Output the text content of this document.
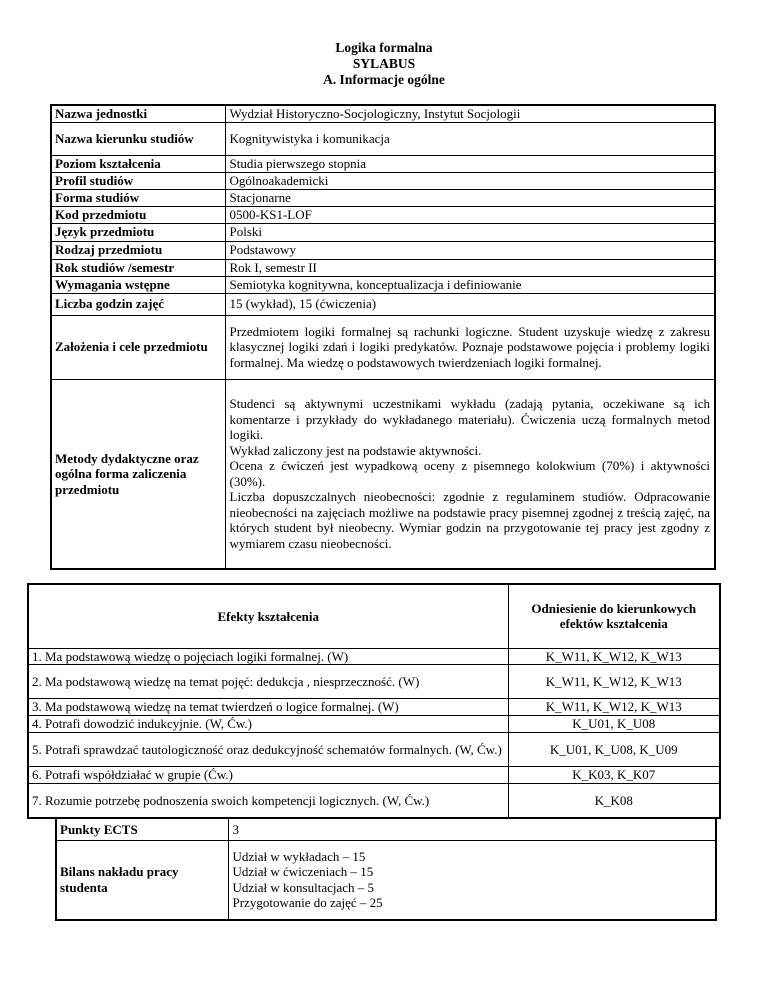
Logika formalna
SYLABUS
A. Informacje ogólne
Nazwa jednostki	Wydział Historyczno-Socjologiczny, Instytut Socjologii
Nazwa kierunku studiów	Kognitywistyka i komunikacja
Poziom kształcenia	Studia pierwszego stopnia
Profil studiów	Ogólnoakademicki
Forma studiów	Stacjonarne
Kod przedmiotu	0500-KS1-LOF
Język przedmiotu	Polski
Rodzaj przedmiotu	Podstawowy
Rok studiów /semestr	Rok I, semestr II
Wymagania wstępne	Semiotyka kognitywna, konceptualizacja i definiowanie
Liczba godzin zajęć	15 (wykład), 15 (ćwiczenia)
Założenia i cele przedmiotu	Przedmiotem logiki formalnej są rachunki logiczne. Student uzyskuje wiedzę z zakresu klasycznej logiki zdań i logiki predykatów. Poznaje podstawowe pojęcia i problemy logiki formalnej. Ma wiedzę o podstawowych twierdzeniach logiki formalnej.
Metody dydaktyczne oraz ogólna forma zaliczenia przedmiotu	Studenci są aktywnymi uczestnikami wykładu (zadają pytania, oczekiwane są ich komentarze i przykłady do wykładanego materiału). Ćwiczenia uczą formalnych metod logiki.
Wykład zaliczony jest na podstawie aktywności.
Ocena z ćwiczeń jest wypadkową oceny z pisemnego kolokwium (70%) i aktywności (30%).
Liczba dopuszczalnych nieobecności: zgodnie z regulaminem studiów. Odpracowanie nieobecności na zajęciach możliwe na podstawie pracy pisemnej zgodnej z treścią zajęć, na których student był nieobecny. Wymiar godzin na przygotowanie tej pracy jest zgodny z wymiarem czasu nieobecności.
Efekty kształcenia	Odniesienie do kierunkowych efektów kształcenia
1. Ma podstawową wiedzę o pojęciach logiki formalnej. (W)	K_W11, K_W12, K_W13
2. Ma podstawową wiedzę na temat pojęć: dedukcja , niesprzeczność. (W)	K_W11, K_W12, K_W13
3. Ma podstawową wiedzę na temat twierdzeń o logice formalnej. (W)	K_W11, K_W12, K_W13
4. Potrafi dowodzić indukcyjnie. (W, Ćw.)	K_U01, K_U08
5. Potrafi sprawdzać tautologiczność oraz dedukcyjność schematów formalnych. (W, Ćw.)	K_U01, K_U08, K_U09
6. Potrafi współdziałać w grupie (Ćw.)	K_K03, K_K07
7. Rozumie potrzebę podnoszenia swoich kompetencji logicznych. (W, Ćw.)	K_K08
Punkty ECTS	3
Bilans nakładu pracy studenta	Udział w wykładach – 15
Udział w ćwiczeniach – 15
Udział w konsultacjach – 5
Przygotowanie do zajęć – 25
